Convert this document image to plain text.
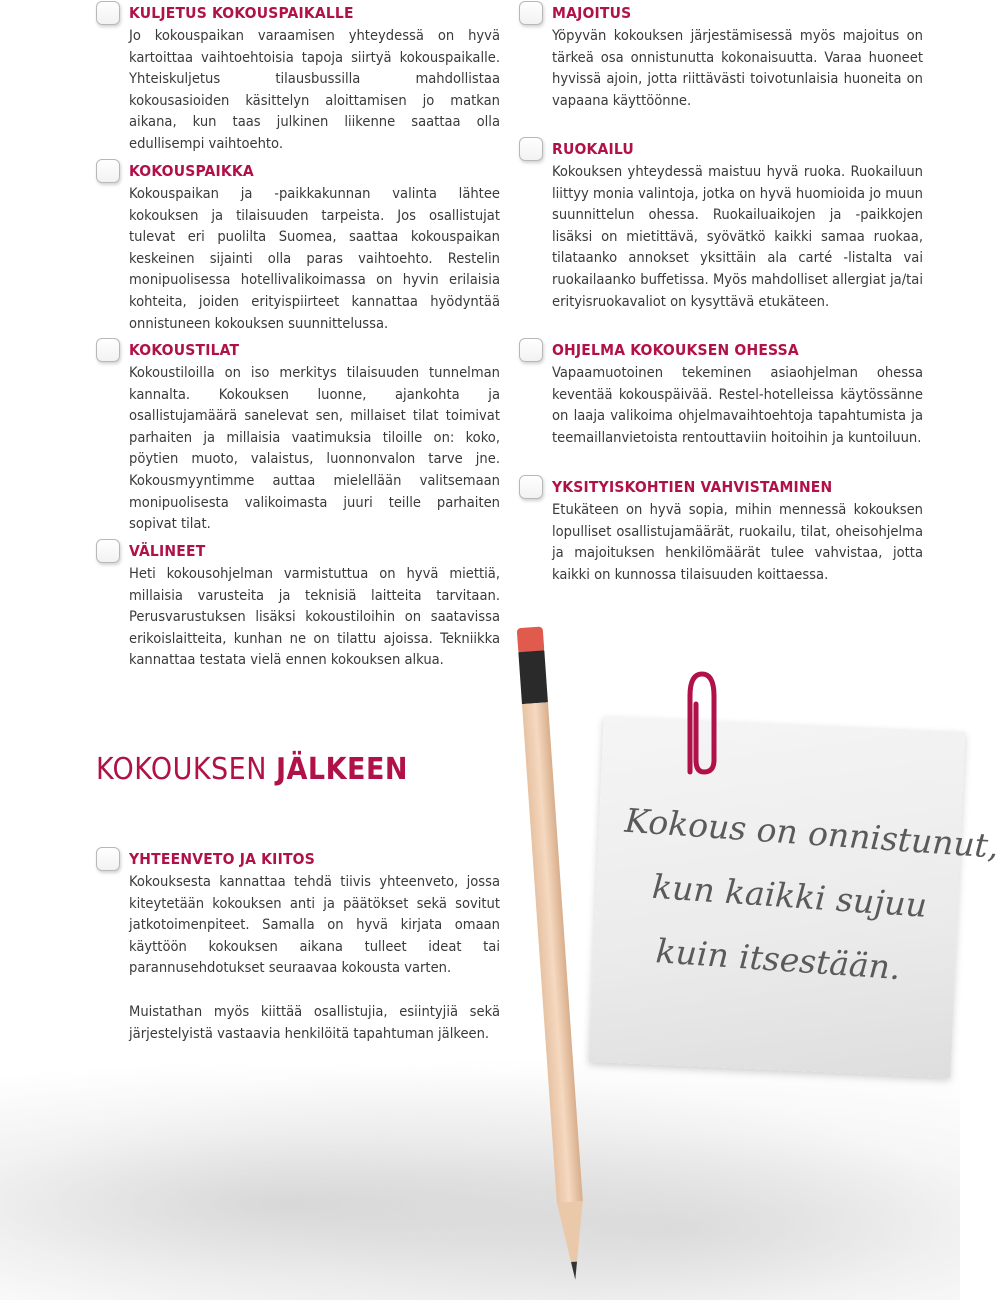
KULJETUS KOKOUSPAIKALLE

Jo kokouspaikan varaamisen yhteydessä on hyvä kartoittaa vaihtoehtoisia tapoja siirtyä kokouspaikalle. Yhteiskuljetus tilausbussilla mahdollistaa kokousasioiden käsittelyn aloittamisen jo matkan aikana, kun taas julkinen liikenne saattaa olla edullisempi vaihtoehto.

KOKOUSPAIKKA

Kokouspaikan ja -paikkakunnan valinta lähtee kokouksen ja tilaisuuden tarpeista. Jos osallistujat tulevat eri puolilta Suomea, saattaa kokouspaikan keskeinen sijainti olla paras vaihtoehto. Restelin monipuolisessa hotellivalikoimassa on hyvin erilaisia kohteita, joiden erityispiirteet kannattaa hyödyntää onnistuneen kokouksen suunnittelussa.

KOKOUSTILAT

Kokoustiloilla on iso merkitys tilaisuuden tunnelman kannalta. Kokouksen luonne, ajankohta ja osallistujamäärä sanelevat sen, millaiset tilat toimivat parhaiten ja millaisia vaatimuksia tiloille on: koko, pöytien muoto, valaistus, luonnonvalon tarve jne. Kokousmyyntimme auttaa mielellään valitsemaan monipuolisesta valikoimasta juuri teille parhaiten sopivat tilat.

VÄLINEET

Heti kokousohjelman varmistuttua on hyvä miettiä, millaisia varusteita ja teknisiä laitteita tarvitaan. Perusvarustuksen lisäksi kokoustiloihin on saatavissa erikoislaitteita, kunhan ne on tilattu ajoissa. Tekniikka kannattaa testata vielä ennen kokouksen alkua.

MAJOITUS

Yöpyvän kokouksen järjestämisessä myös majoitus on tärkeä osa onnistunutta kokonaisuutta. Varaa huoneet hyvissä ajoin, jotta riittävästi toivotunlaisia huoneita on vapaana käyttöönne.

RUOKAILU

Kokouksen yhteydessä maistuu hyvä ruoka. Ruokailuun liittyy monia valintoja, jotka on hyvä huomioida jo muun suunnittelun ohessa. Ruokailuaikojen ja -paikkojen lisäksi on mietittävä, syövätkö kaikki samaa ruokaa, tilataanko annokset yksittäin ala carté -listalta vai ruokailaanko buffetissa. Myös mahdolliset allergiat ja/tai erityisruokavaliot on kysyttävä etukäteen.

OHJELMA KOKOUKSEN OHESSA

Vapaamuotoinen tekeminen asiaohjelman ohessa keventää kokouspäivää. Restel-hotelleissa käytössänne on laaja valikoima ohjelmavaihtoehtoja tapahtumista ja teemaillanvietoista rentouttaviin hoitoihin ja kuntoiluun.

YKSITYISKOHTIEN VAHVISTAMINEN

Etukäteen on hyvä sopia, mihin mennessä kokouksen lopulliset osallistujamäärät, ruokailu, tilat, oheisohjelma ja majoituksen henkilömäärät tulee vahvistaa, jotta kaikki on kunnossa tilaisuuden koittaessa.

KOKOUKSEN JÄLKEEN
YHTEENVETO JA KIITOS

Kokouksesta kannattaa tehdä tiivis yhteenveto, jossa kiteytetään kokouksen anti ja päätökset sekä sovitut jatkotoimenpiteet. Samalla on hyvä kirjata omaan käyttöön kokouksen aikana tulleet ideat tai parannusehdotukset seuraavaa kokousta varten.

Muistathan myös kiittää osallistujia, esiintyjiä sekä järjestelyistä vastaavia henkilöitä tapahtuman jälkeen.

Kokous on onnistunut,
kun kaikki sujuu
kuin itsestään.
